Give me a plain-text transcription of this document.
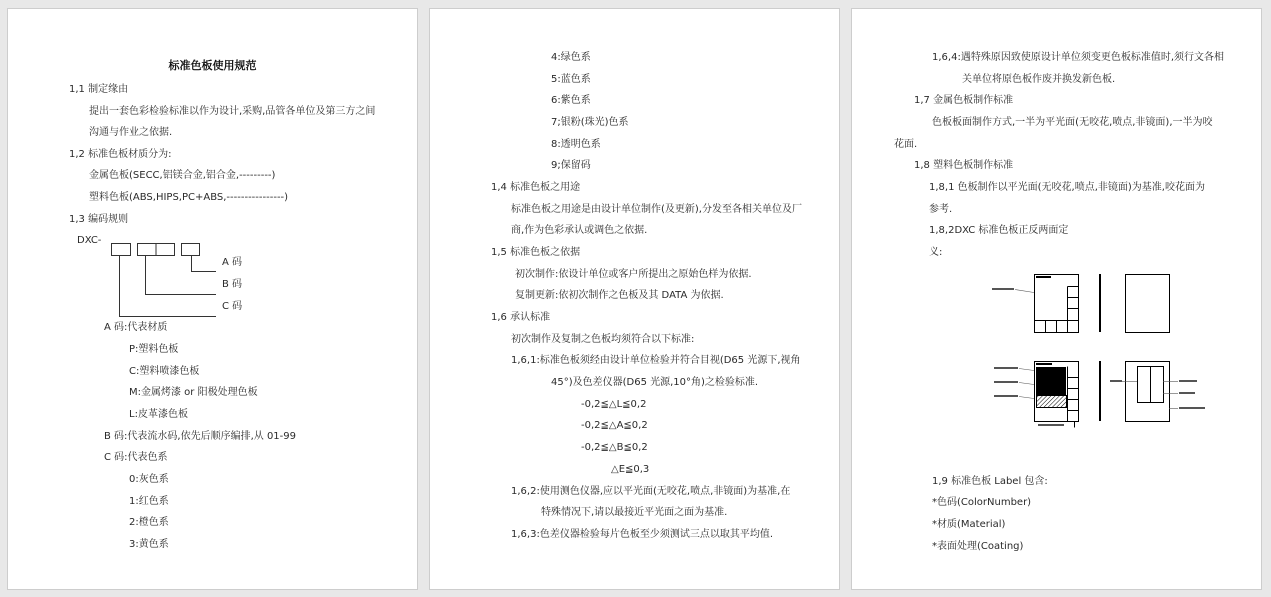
标准色板使用规范
1,1 制定缘由
提出一套色彩检验标准以作为设计,采购,品管各单位及第三方之间
沟通与作业之依据.
1,2 标准色板材质分为:
金属色板(SECC,铝镁合金,铝合金,---------)
塑料色板(ABS,HIPS,PC+ABS,----------------)
1,3 编码规则
DXC-
A 码
B 码
C 码
A 码:代表材质
P:塑料色板
C:塑料喷漆色板
M:金属烤漆 or 阳极处理色板
L:皮革漆色板
B 码:代表流水码,依先后顺序编排,从 01-99
C 码:代表色系
0:灰色系
1:红色系
2:橙色系
3:黄色系
4:绿色系
5:蓝色系
6:紫色系
7;银粉(珠光)色系
8:透明色系
9;保留码
1,4 标准色板之用途
标准色板之用途是由设计单位制作(及更新),分发至各相关单位及厂
商,作为色彩承认或调色之依据.
1,5 标准色板之依据
初次制作:依设计单位或客户所提出之原始色样为依据.
复制更新:依初次制作之色板及其 DATA 为依据.
1,6 承认标准
初次制作及复制之色板均须符合以下标准:
1,6,1:标准色板须经由设计单位检验并符合目视(D65 光源下,视角
45°)及色差仪器(D65 光源,10°角)之检验标准.
-0,2≦△L≦0,2
-0,2≦△A≦0,2
-0,2≦△B≦0,2
△E≦0,3
1,6,2:使用测色仪器,应以平光面(无咬花,喷点,非镜面)为基准,在
特殊情况下,请以最接近平光面之面为基准.
1,6,3:色差仪器检验每片色板至少须测试三点以取其平均值.
1,6,4:遇特殊原因致使原设计单位须变更色板标准值时,须行文各相
关单位将原色板作废并换发新色板.
1,7 金属色板制作标准
色板板面制作方式,一半为平光面(无咬花,喷点,非镜面),一半为咬
花面.
1,8 塑料色板制作标准
1,8,1 色板制作以平光面(无咬花,喷点,非镜面)为基准,咬花面为
参考.
1,8,2DXC 标准色板正反两面定
义:
1,9 标准色板 Label 包含:
*色码(ColorNumber)
*材质(Material)
*表面处理(Coating)
